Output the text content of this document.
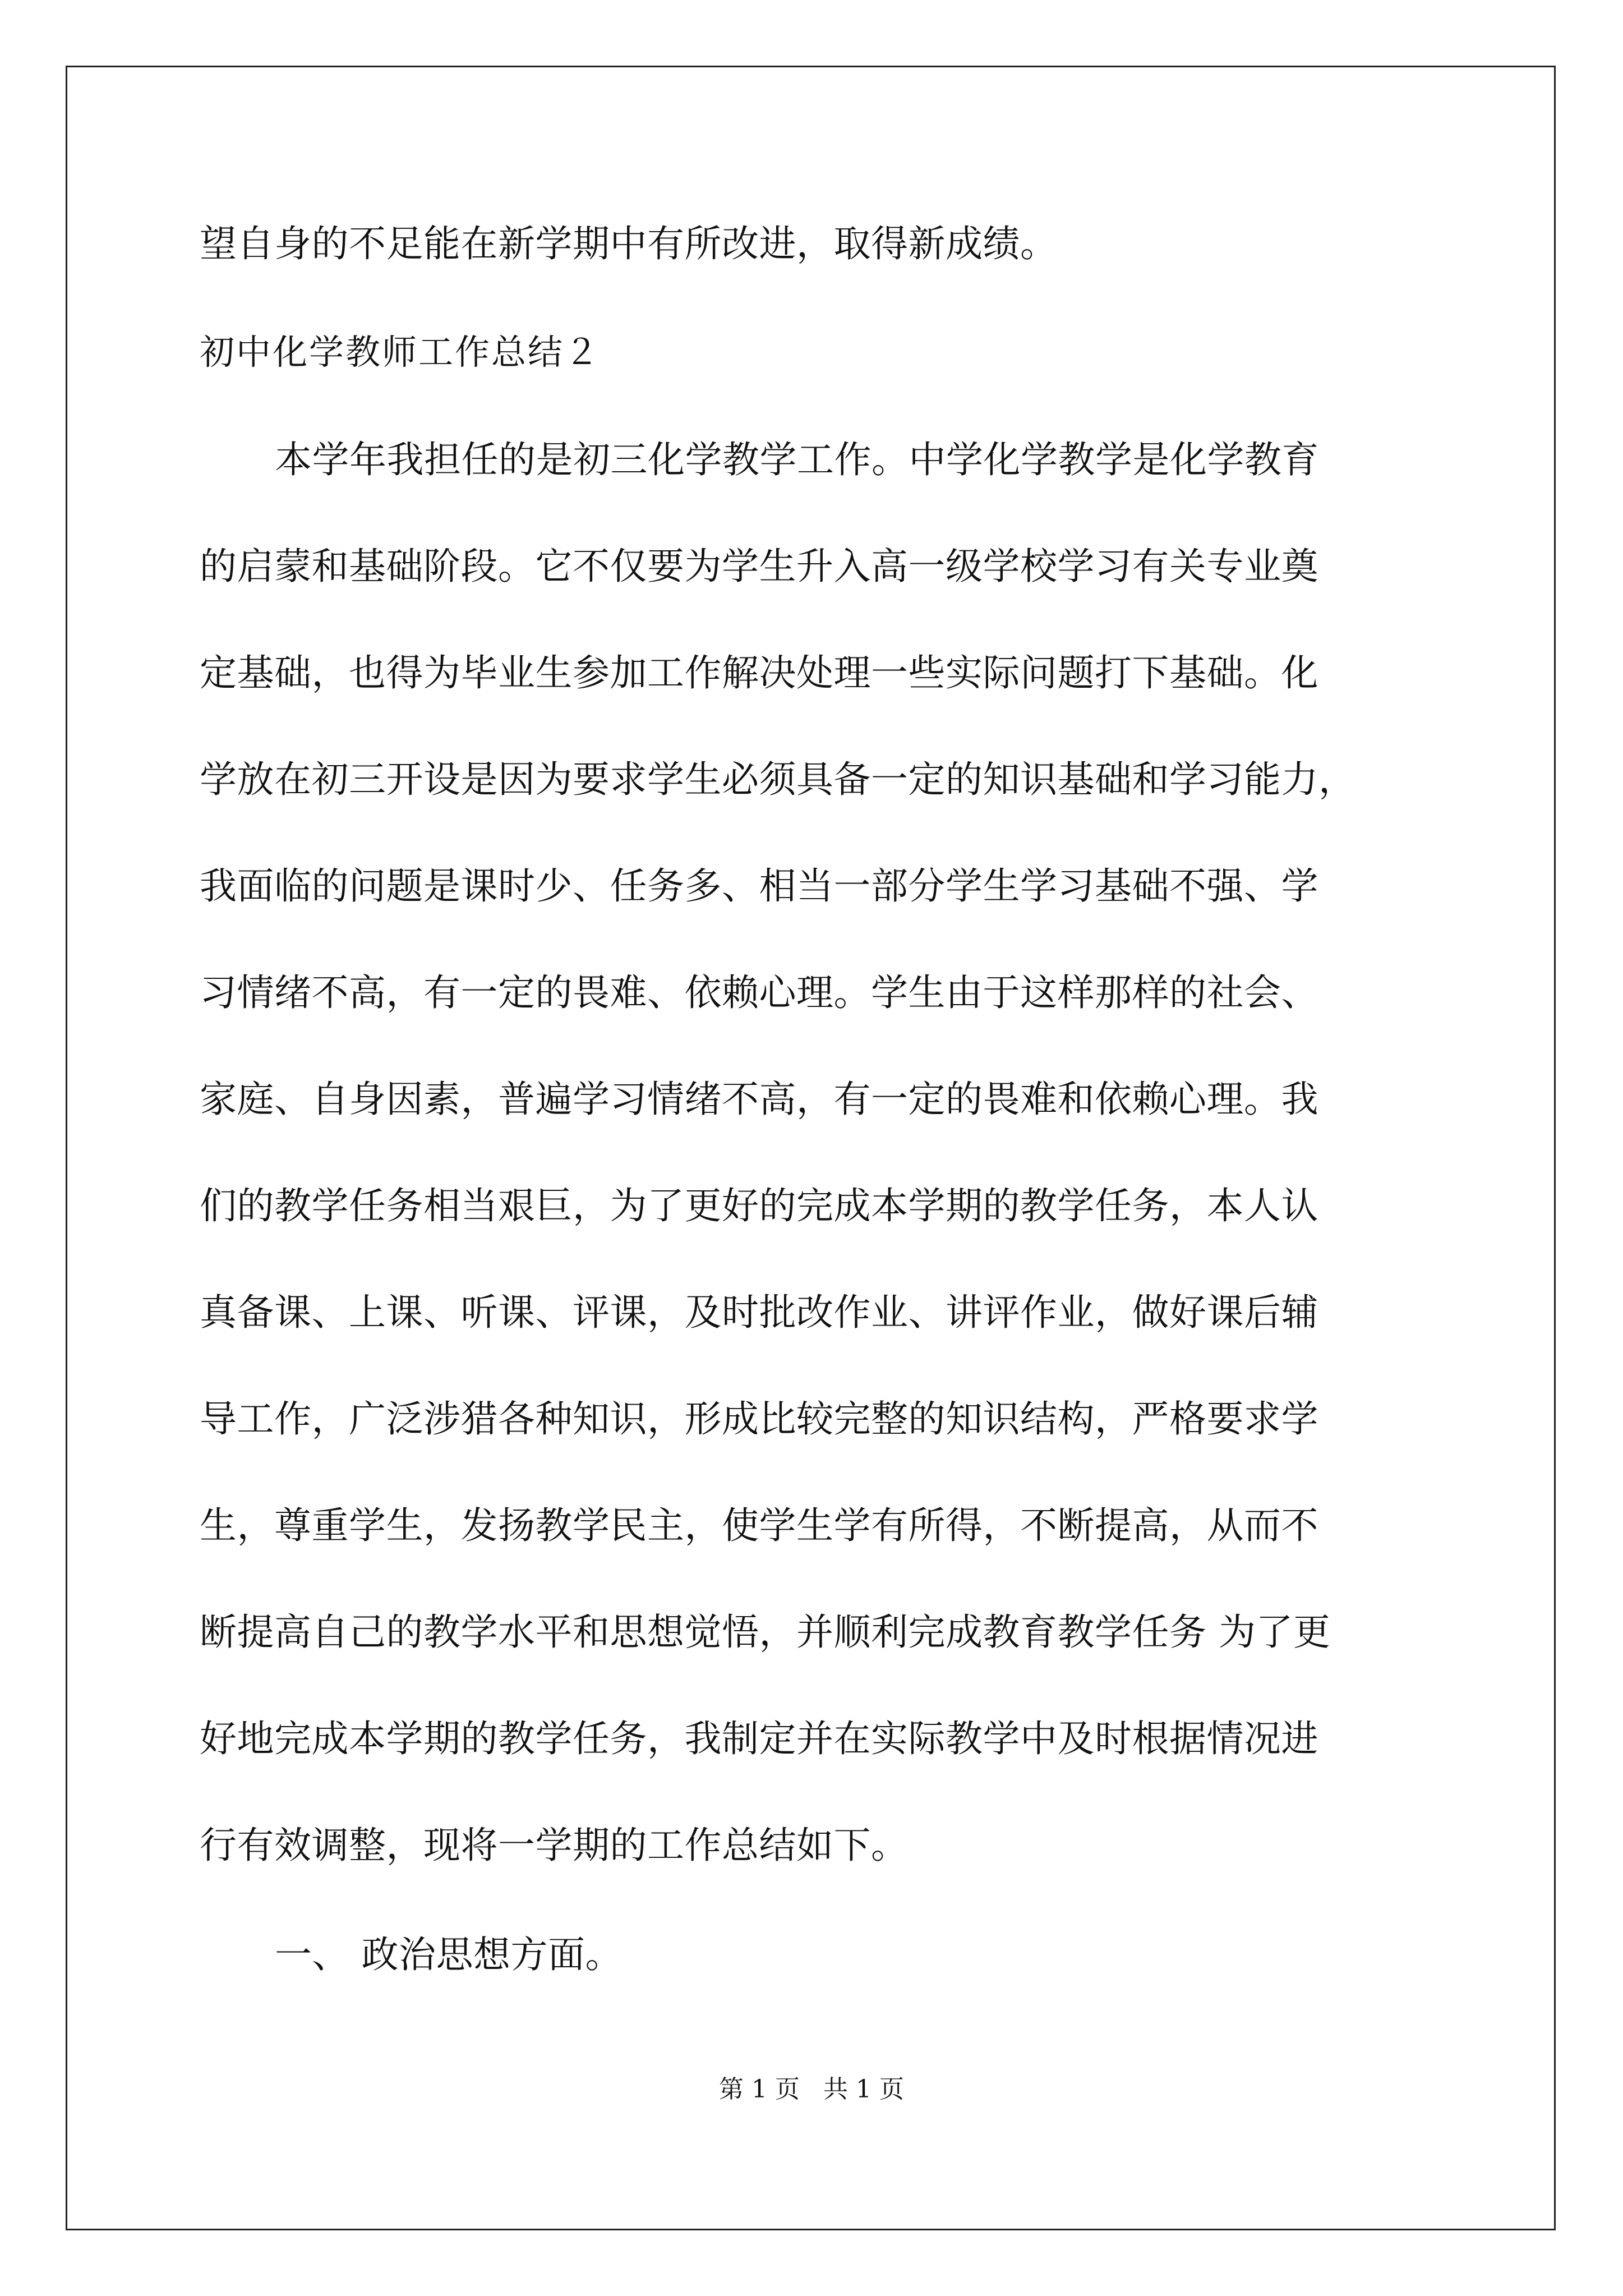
望自身的不足能在新学期中有所改进，取得新成绩。
初中化学教师工作总结２
本学年我担任的是初三化学教学工作。中学化学教学是化学教育
的启蒙和基础阶段。它不仅要为学生升入高一级学校学习有关专业奠
定基础，也得为毕业生参加工作解决处理一些实际问题打下基础。化
学放在初三开设是因为要求学生必须具备一定的知识基础和学习能力，
我面临的问题是课时少、任务多、相当一部分学生学习基础不强、学
习情绪不高，有一定的畏难、依赖心理。学生由于这样那样的社会、
家庭、自身因素，普遍学习情绪不高，有一定的畏难和依赖心理。我
们的教学任务相当艰巨，为了更好的完成本学期的教学任务，本人认
真备课、上课、听课、评课，及时批改作业、讲评作业，做好课后辅
导工作，广泛涉猎各种知识，形成比较完整的知识结构，严格要求学
生，尊重学生，发扬教学民主，使学生学有所得，不断提高，从而不
断提高自己的教学水平和思想觉悟，并顺利完成教育教学任务 为了更
好地完成本学期的教学任务，我制定并在实际教学中及时根据情况进
行有效调整，现将一学期的工作总结如下。
一、 政治思想方面。
第 1 页 共 1 页
